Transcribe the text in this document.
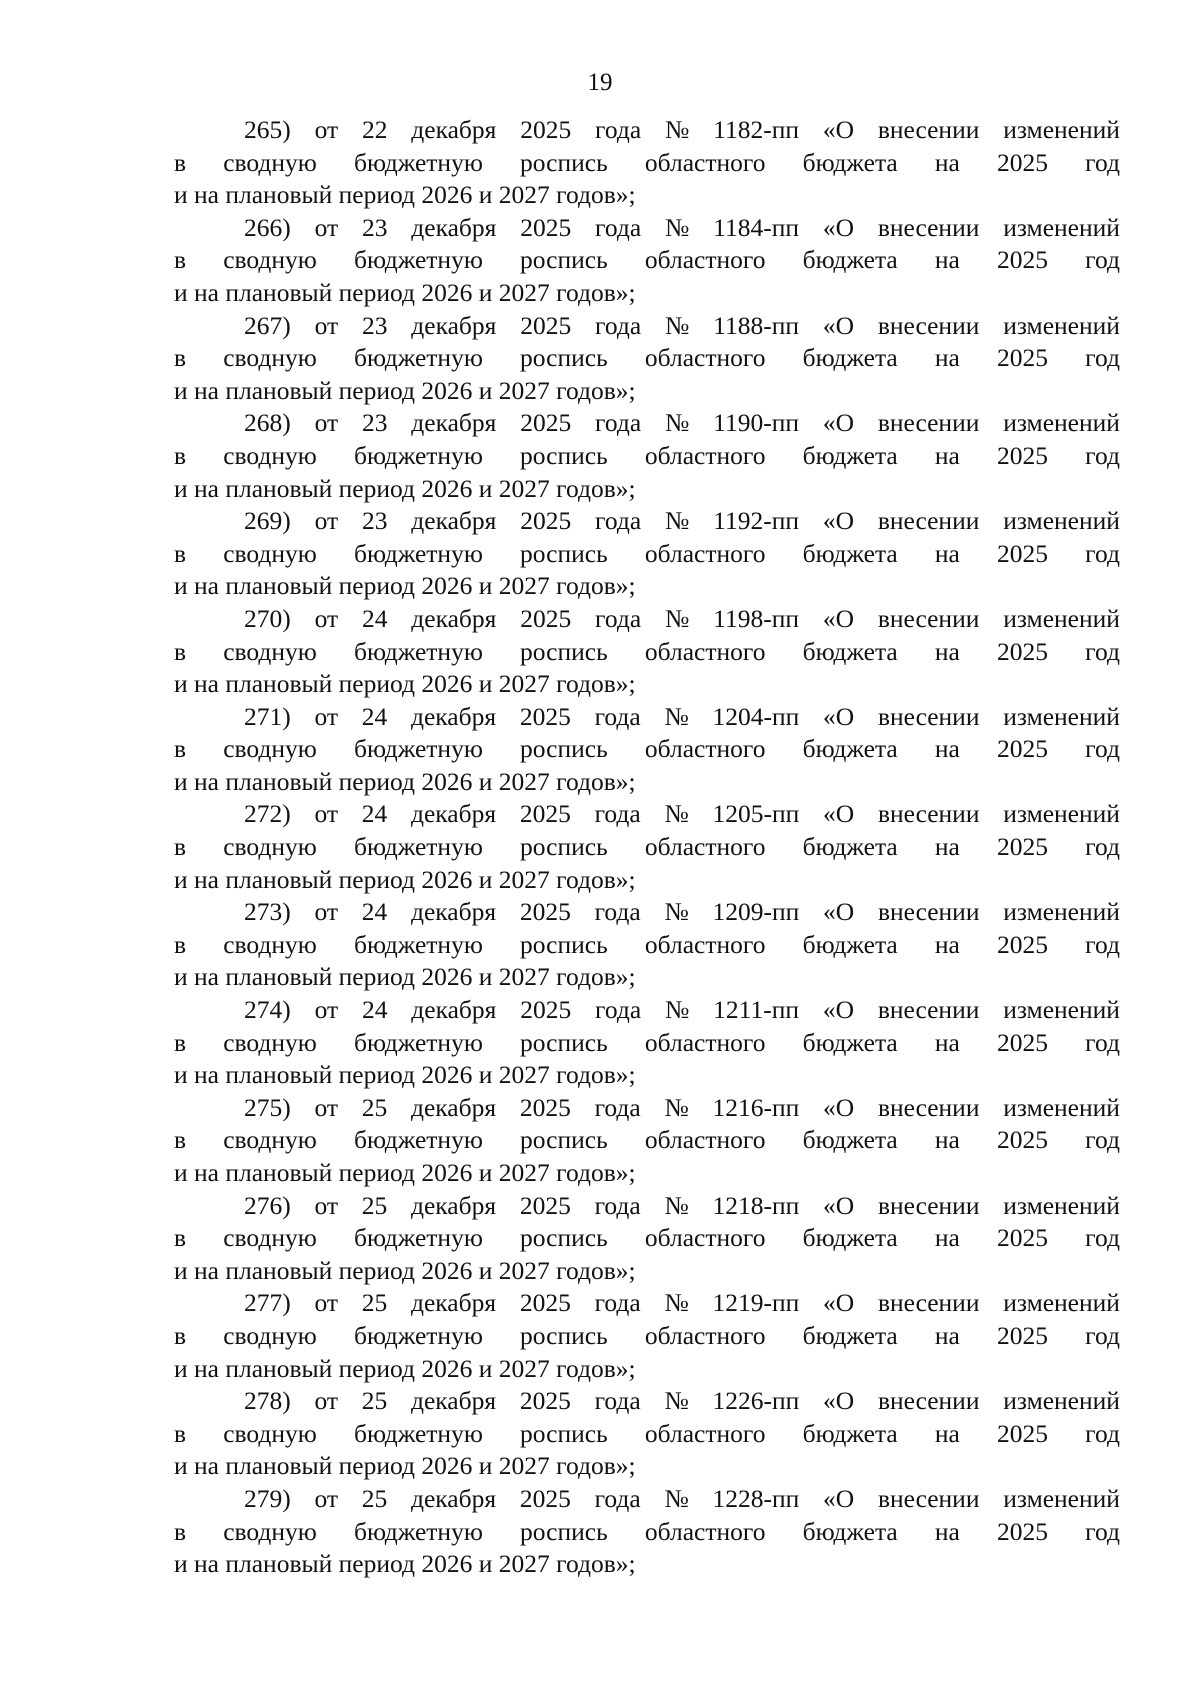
19
265) от 22 декабря 2025 года № 1182-пп «О внесении изменений
в сводную бюджетную роспись областного бюджета на 2025 год
и на плановый период 2026 и 2027 годов»;
266) от 23 декабря 2025 года № 1184-пп «О внесении изменений
в сводную бюджетную роспись областного бюджета на 2025 год
и на плановый период 2026 и 2027 годов»;
267) от 23 декабря 2025 года № 1188-пп «О внесении изменений
в сводную бюджетную роспись областного бюджета на 2025 год
и на плановый период 2026 и 2027 годов»;
268) от 23 декабря 2025 года № 1190-пп «О внесении изменений
в сводную бюджетную роспись областного бюджета на 2025 год
и на плановый период 2026 и 2027 годов»;
269) от 23 декабря 2025 года № 1192-пп «О внесении изменений
в сводную бюджетную роспись областного бюджета на 2025 год
и на плановый период 2026 и 2027 годов»;
270) от 24 декабря 2025 года № 1198-пп «О внесении изменений
в сводную бюджетную роспись областного бюджета на 2025 год
и на плановый период 2026 и 2027 годов»;
271) от 24 декабря 2025 года № 1204-пп «О внесении изменений
в сводную бюджетную роспись областного бюджета на 2025 год
и на плановый период 2026 и 2027 годов»;
272) от 24 декабря 2025 года № 1205-пп «О внесении изменений
в сводную бюджетную роспись областного бюджета на 2025 год
и на плановый период 2026 и 2027 годов»;
273) от 24 декабря 2025 года № 1209-пп «О внесении изменений
в сводную бюджетную роспись областного бюджета на 2025 год
и на плановый период 2026 и 2027 годов»;
274) от 24 декабря 2025 года № 1211-пп «О внесении изменений
в сводную бюджетную роспись областного бюджета на 2025 год
и на плановый период 2026 и 2027 годов»;
275) от 25 декабря 2025 года № 1216-пп «О внесении изменений
в сводную бюджетную роспись областного бюджета на 2025 год
и на плановый период 2026 и 2027 годов»;
276) от 25 декабря 2025 года № 1218-пп «О внесении изменений
в сводную бюджетную роспись областного бюджета на 2025 год
и на плановый период 2026 и 2027 годов»;
277) от 25 декабря 2025 года № 1219-пп «О внесении изменений
в сводную бюджетную роспись областного бюджета на 2025 год
и на плановый период 2026 и 2027 годов»;
278) от 25 декабря 2025 года № 1226-пп «О внесении изменений
в сводную бюджетную роспись областного бюджета на 2025 год
и на плановый период 2026 и 2027 годов»;
279) от 25 декабря 2025 года № 1228-пп «О внесении изменений
в сводную бюджетную роспись областного бюджета на 2025 год
и на плановый период 2026 и 2027 годов»;
